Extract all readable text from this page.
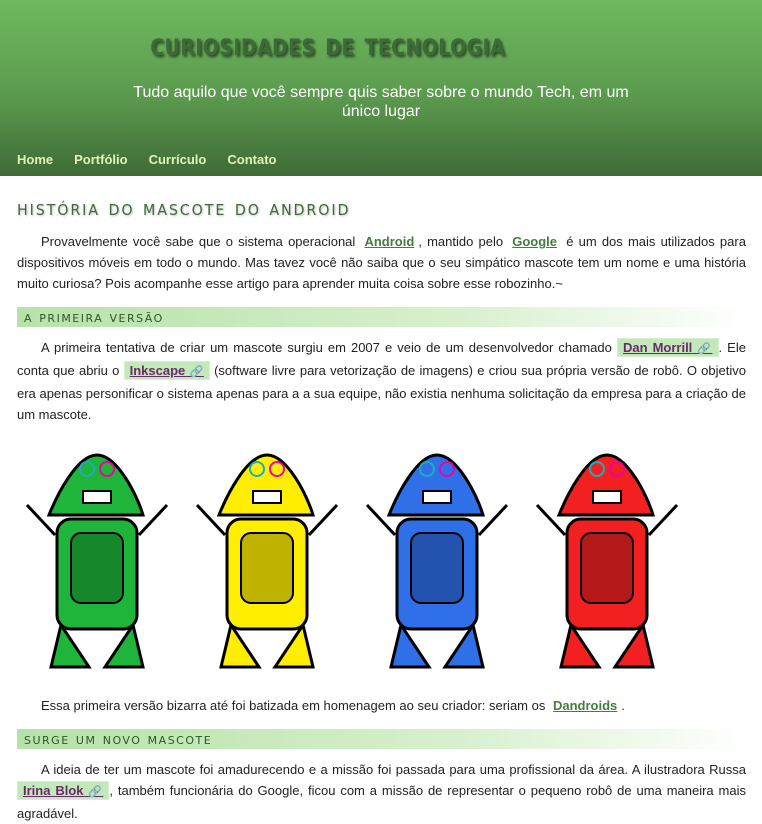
curiosidades de tecnologia
Tudo aquilo que você sempre quis saber sobre o mundo Tech, em um único lugar
Home Portfólio Currículo Contato
história do mascote do android

Provavelmente você sabe que o sistema operacional Android , mantido pelo Google é um dos mais utilizados para dispositivos móveis em todo o mundo. Mas tavez você não saiba que o seu simpático mascote tem um nome e uma história muito curiosa? Pois acompanhe esse artigo para aprender muita coisa sobre esse robozinho.~

a primeira versão

A primeira tentativa de criar um mascote surgiu em 2007 e veio de um desenvolvedor chamado Dan Morrill 🔗 . Ele conta que abriu o Inkscape 🔗 (software livre para vetorização de imagens) e criou sua própria versão de robô. O objetivo era apenas personificar o sistema apenas para a a sua equipe, não existia nenhuma solicitação da empresa para a criação de um mascote.

Essa primeira versão bizarra até foi batizada em homenagem ao seu criador: seriam os Dandroids .

surge um novo mascote

A ideia de ter um mascote foi amadurecendo e a missão foi passada para uma profissional da área. A ilustradora Russa Irina Blok 🔗 , também funcionária do Google, ficou com a missão de representar o pequeno robô de uma maneira mais agradável.
